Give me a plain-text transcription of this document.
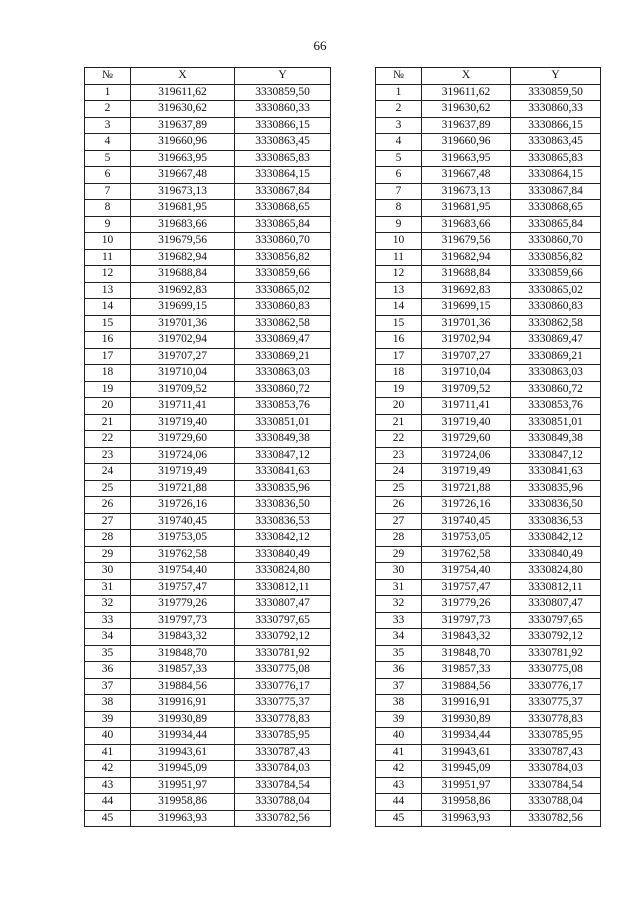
66
№	X	Y
1	319611,62	3330859,50
2	319630,62	3330860,33
3	319637,89	3330866,15
4	319660,96	3330863,45
5	319663,95	3330865,83
6	319667,48	3330864,15
7	319673,13	3330867,84
8	319681,95	3330868,65
9	319683,66	3330865,84
10	319679,56	3330860,70
11	319682,94	3330856,82
12	319688,84	3330859,66
13	319692,83	3330865,02
14	319699,15	3330860,83
15	319701,36	3330862,58
16	319702,94	3330869,47
17	319707,27	3330869,21
18	319710,04	3330863,03
19	319709,52	3330860,72
20	319711,41	3330853,76
21	319719,40	3330851,01
22	319729,60	3330849,38
23	319724,06	3330847,12
24	319719,49	3330841,63
25	319721,88	3330835,96
26	319726,16	3330836,50
27	319740,45	3330836,53
28	319753,05	3330842,12
29	319762,58	3330840,49
30	319754,40	3330824,80
31	319757,47	3330812,11
32	319779,26	3330807,47
33	319797,73	3330797,65
34	319843,32	3330792,12
35	319848,70	3330781,92
36	319857,33	3330775,08
37	319884,56	3330776,17
38	319916,91	3330775,37
39	319930,89	3330778,83
40	319934,44	3330785,95
41	319943,61	3330787,43
42	319945,09	3330784,03
43	319951,97	3330784,54
44	319958,86	3330788,04
45	319963,93	3330782,56
№	X	Y
1	319611,62	3330859,50
2	319630,62	3330860,33
3	319637,89	3330866,15
4	319660,96	3330863,45
5	319663,95	3330865,83
6	319667,48	3330864,15
7	319673,13	3330867,84
8	319681,95	3330868,65
9	319683,66	3330865,84
10	319679,56	3330860,70
11	319682,94	3330856,82
12	319688,84	3330859,66
13	319692,83	3330865,02
14	319699,15	3330860,83
15	319701,36	3330862,58
16	319702,94	3330869,47
17	319707,27	3330869,21
18	319710,04	3330863,03
19	319709,52	3330860,72
20	319711,41	3330853,76
21	319719,40	3330851,01
22	319729,60	3330849,38
23	319724,06	3330847,12
24	319719,49	3330841,63
25	319721,88	3330835,96
26	319726,16	3330836,50
27	319740,45	3330836,53
28	319753,05	3330842,12
29	319762,58	3330840,49
30	319754,40	3330824,80
31	319757,47	3330812,11
32	319779,26	3330807,47
33	319797,73	3330797,65
34	319843,32	3330792,12
35	319848,70	3330781,92
36	319857,33	3330775,08
37	319884,56	3330776,17
38	319916,91	3330775,37
39	319930,89	3330778,83
40	319934,44	3330785,95
41	319943,61	3330787,43
42	319945,09	3330784,03
43	319951,97	3330784,54
44	319958,86	3330788,04
45	319963,93	3330782,56
